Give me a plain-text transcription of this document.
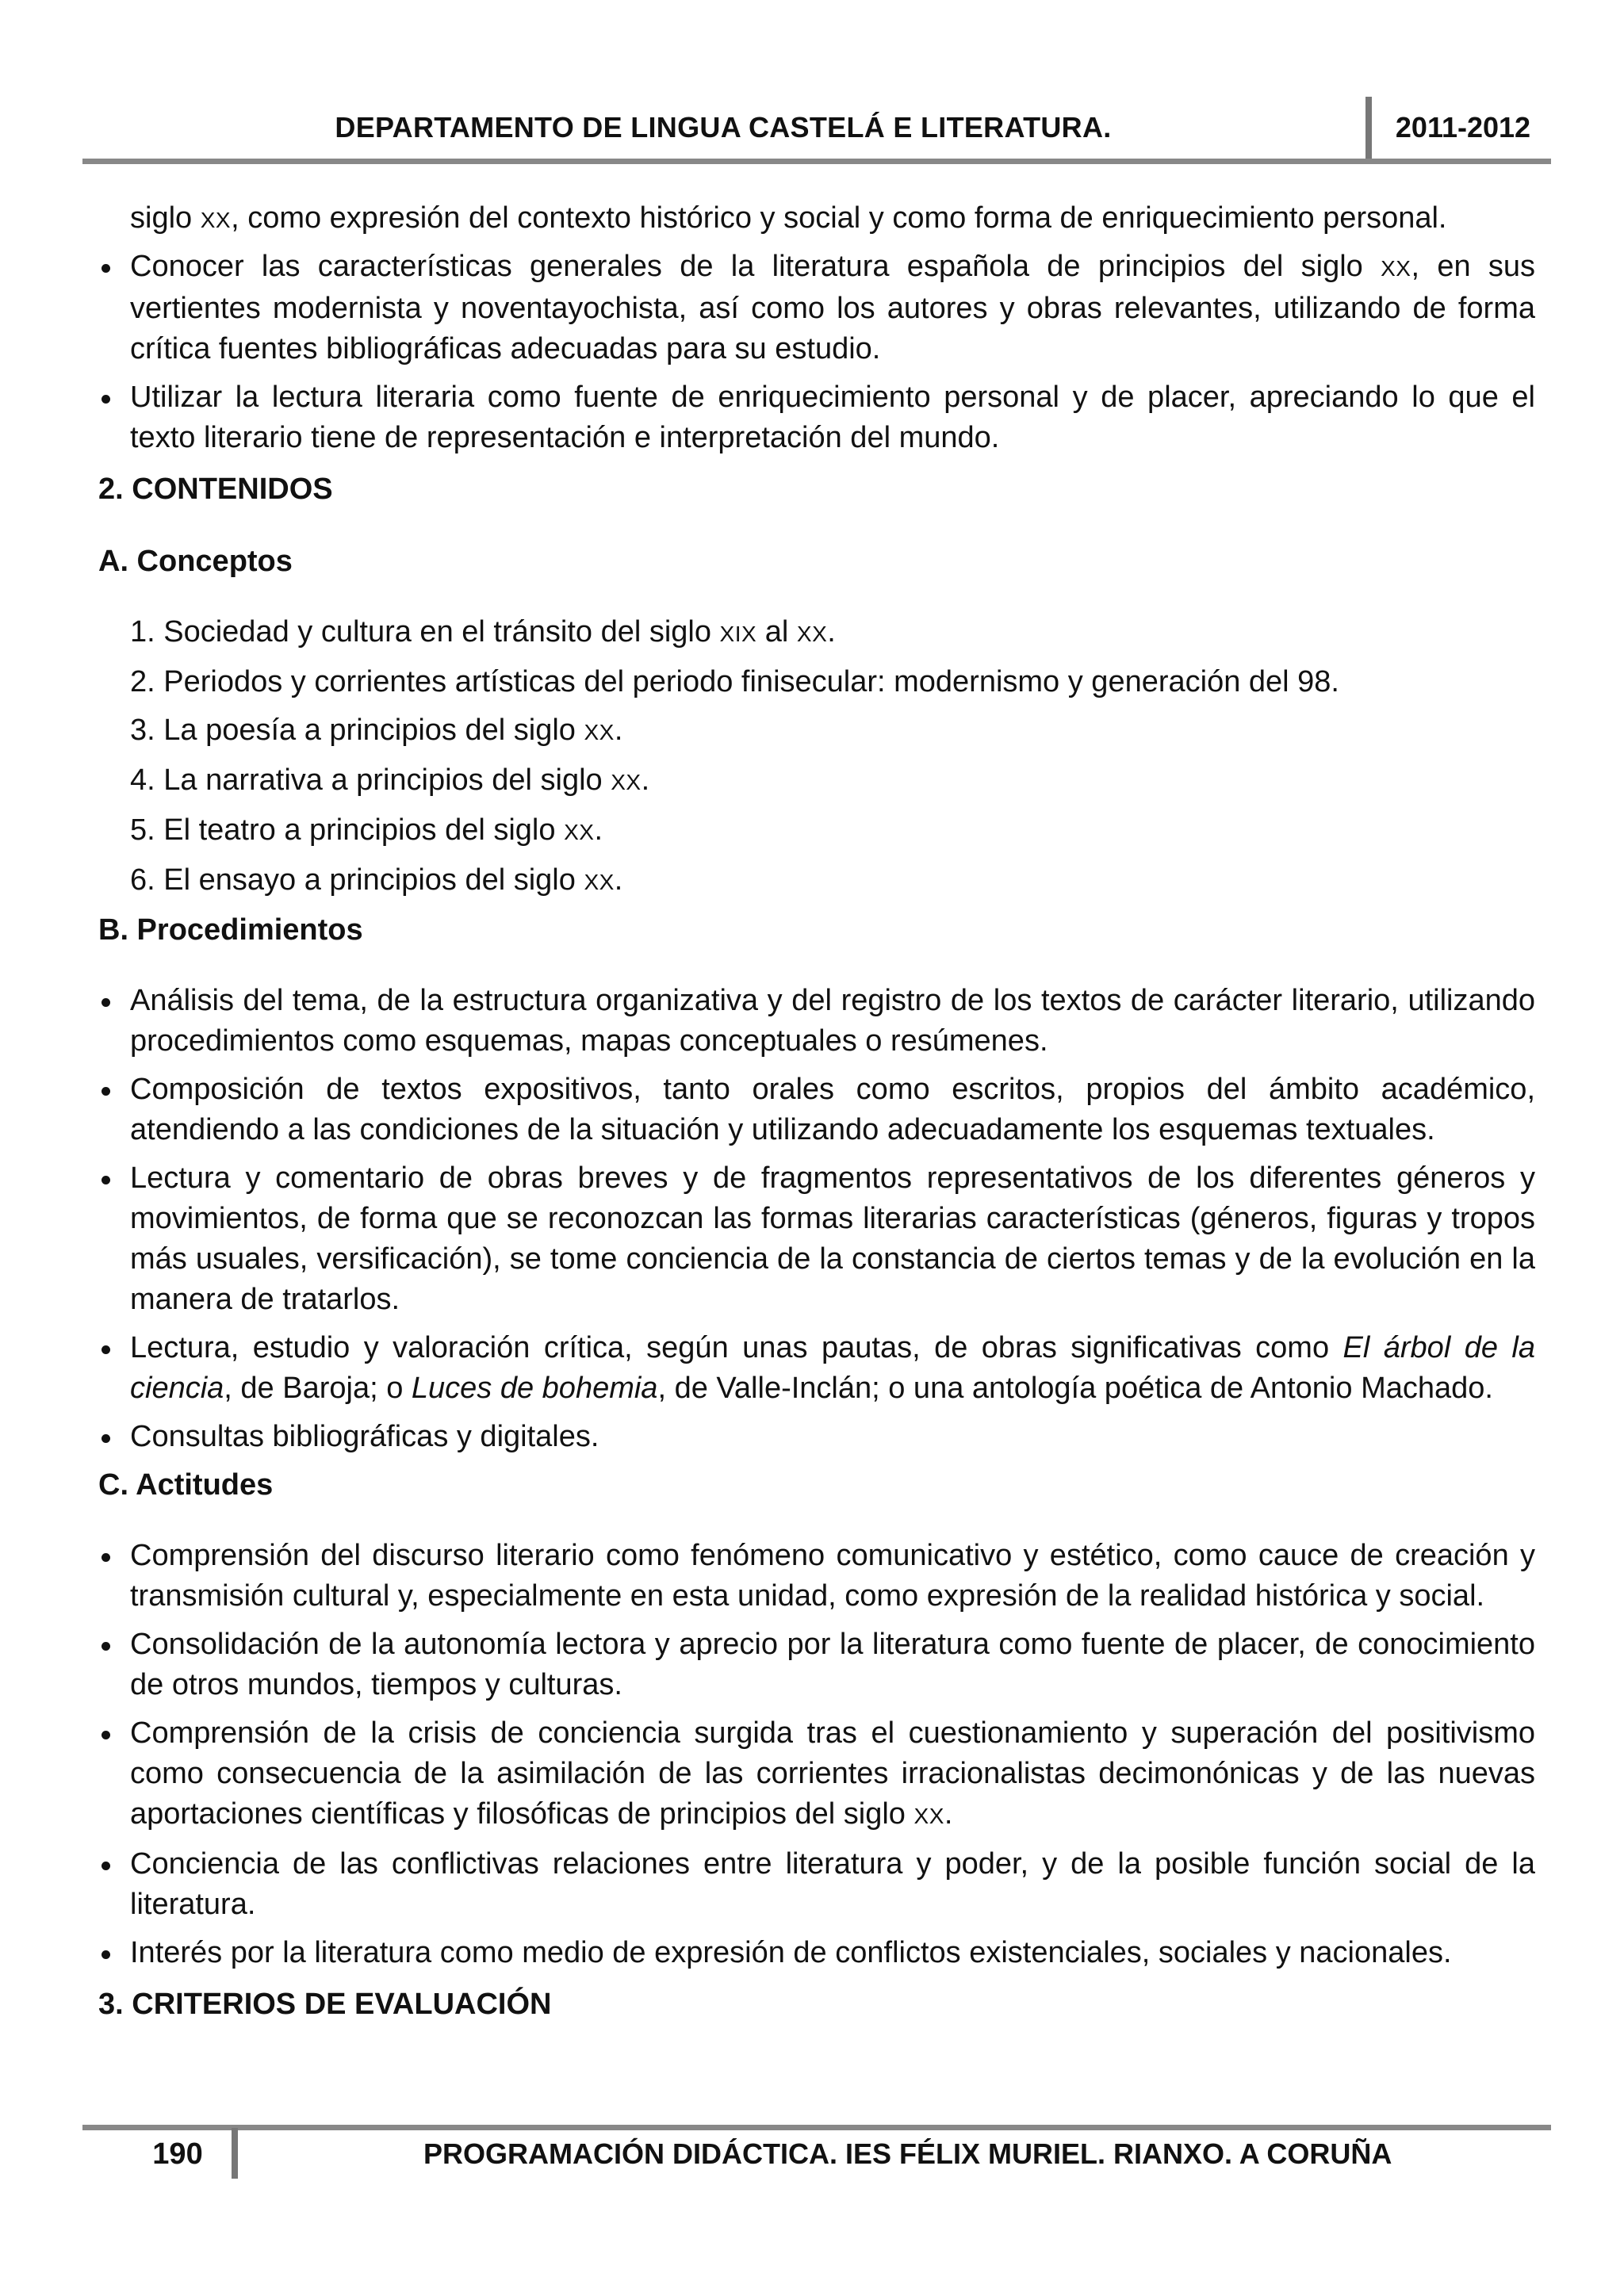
DEPARTAMENTO DE LINGUA CASTELÁ E LITERATURA.	2011-2012
siglo XX, como expresión del contexto histórico y social y como forma de enriquecimiento personal.
Conocer las características generales de la literatura española de principios del siglo XX, en sus vertientes modernista y noventayochista, así como los autores y obras relevantes, utilizando de forma crítica fuentes bibliográficas adecuadas para su estudio.
Utilizar la lectura literaria como fuente de enriquecimiento personal y de placer, apreciando lo que el texto literario tiene de representación e interpretación del mundo.
2. CONTENIDOS
A. Conceptos
1. Sociedad y cultura en el tránsito del siglo XIX al XX.
2. Periodos y corrientes artísticas del periodo finisecular: modernismo y generación del 98.
3. La poesía a principios del siglo XX.
4. La narrativa a principios del siglo XX.
5. El teatro a principios del siglo XX.
6. El ensayo a principios del siglo XX.
B. Procedimientos
Análisis del tema, de la estructura organizativa y del registro de los textos de carácter literario, utilizando procedimientos como esquemas, mapas conceptuales o resúmenes.
Composición de textos expositivos, tanto orales como escritos, propios del ámbito académico, atendiendo a las condiciones de la situación y utilizando adecuadamente los esquemas textuales.
Lectura y comentario de obras breves y de fragmentos representativos de los diferentes géneros y movimientos, de forma que se reconozcan las formas literarias características (géneros, figuras y tropos más usuales, versificación), se tome conciencia de la constancia de ciertos temas y de la evolución en la manera de tratarlos.
Lectura, estudio y valoración crítica, según unas pautas, de obras significativas como El árbol de la ciencia, de Baroja; o Luces de bohemia, de Valle-Inclán; o una antología poética de Antonio Machado.
Consultas bibliográficas y digitales.
C. Actitudes
Comprensión del discurso literario como fenómeno comunicativo y estético, como cauce de creación y transmisión cultural y, especialmente en esta unidad, como expresión de la realidad histórica y social.
Consolidación de la autonomía lectora y aprecio por la literatura como fuente de placer, de conocimiento de otros mundos, tiempos y culturas.
Comprensión de la crisis de conciencia surgida tras el cuestionamiento y superación del positivismo como consecuencia de la asimilación de las corrientes irracionalistas decimonónicas y de las nuevas aportaciones científicas y filosóficas de principios del siglo XX.
Conciencia de las conflictivas relaciones entre literatura y poder, y de la posible función social de la literatura.
Interés por la literatura como medio de expresión de conflictos existenciales, sociales y nacionales.
3. CRITERIOS DE EVALUACIÓN
190	PROGRAMACIÓN DIDÁCTICA. IES FÉLIX MURIEL. RIANXO. A CORUÑA
